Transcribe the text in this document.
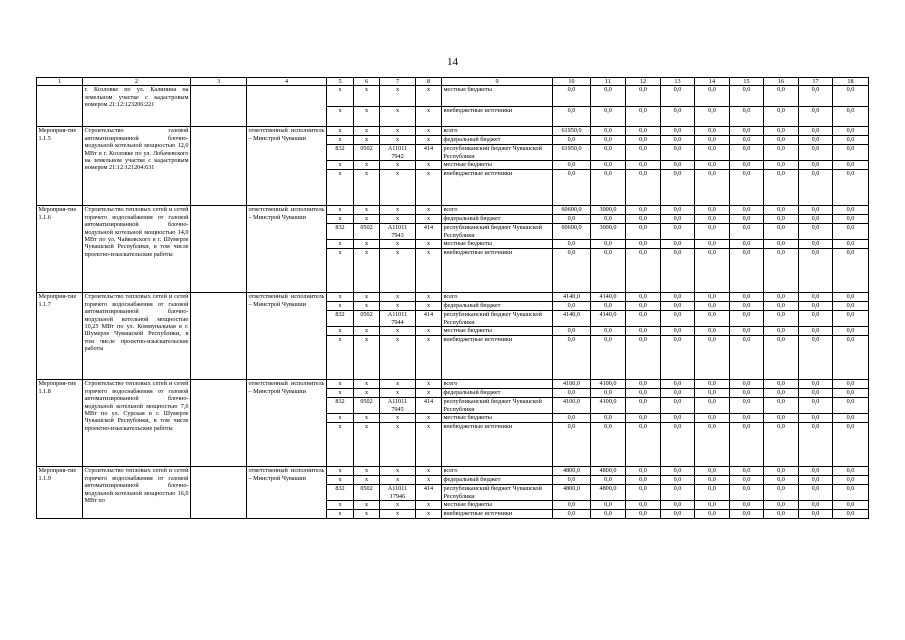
14
1	2	3	4	5	6	7	8	9	10	11	12	13	14	15	16	17	18
	г. Козловке по ул. Калинина на земельном участке с кадастровым номером 21:12:123206:221			x	x	x	x	местные бюджеты	0,0	0,0	0,0	0,0	0,0	0,0	0,0	0,0	0,0
				x	x	x	x	внебюджетные источники	0,0	0,0	0,0	0,0	0,0	0,0	0,0	0,0	0,0
Мероприя-тие 1.1.5	Строительство газовой автоматизированной блочно-модульной котельной мощностью 12,0 МВт в г. Козловке по ул. Лобачевского на земельном участке с кадастровым номером 21:12:121204:631		ответственный исполнитель – Минстрой Чувашии	x	x	x	x	всего	61950,0	0,0	0,0	0,0	0,0	0,0	0,0	0,0	0,0
				x	x	x	x	федеральный бюджет	0,0	0,0	0,0	0,0	0,0	0,0	0,0	0,0	0,0
				832	0502	А11011 7942	414	республиканский бюджет Чувашской Республики	61950,0	0,0	0,0	0,0	0,0	0,0	0,0	0,0	0,0
				x	x	x	x	местные бюджеты	0,0	0,0	0,0	0,0	0,0	0,0	0,0	0,0	0,0
				x	x	x	x	внебюджетные источники	0,0	0,0	0,0	0,0	0,0	0,0	0,0	0,0	0,0
Мероприя-тие 1.1.6	Строительство тепловых сетей и сетей горячего водоснабжения от газовой автоматизированной блочно-модульной котельной мощностью 14,0 МВт по ул. Чайковского в г. Шумерле Чувашской Республики, в том числе проектно-изыскательские работы		ответственный исполнитель – Минстрой Чувашии	x	x	x	x	всего	60600,0	3000,0	0,0	0,0	0,0	0,0	0,0	0,0	0,0
				x	x	x	x	федеральный бюджет	0,0	0,0	0,0	0,0	0,0	0,0	0,0	0,0	0,0
				832	0502	А11011 7943	414	республиканский бюджет Чувашской Республики	60600,0	3000,0	0,0	0,0	0,0	0,0	0,0	0,0	0,0
				x	x	x	x	местные бюджеты	0,0	0,0	0,0	0,0	0,0	0,0	0,0	0,0	0,0
				x	x	x	x	внебюджетные источники	0,0	0,0	0,0	0,0	0,0	0,0	0,0	0,0	0,0
Мероприя-тие 1.1.7	Строительство тепловых сетей и сетей горячего водоснабжения от газовой автоматизированной блочно-модульной котельной мощностью 10,25 МВт по ул. Коммунальная в г. Шумерле Чувашской Республики, в том числе проектно-изыскательские работы		ответственный исполнитель – Минстрой Чувашии	x	x	x	x	всего	4140,0	4140,0	0,0	0,0	0,0	0,0	0,0	0,0	0,0
				x	x	x	x	федеральный бюджет	0,0	0,0	0,0	0,0	0,0	0,0	0,0	0,0	0,0
				832	0502	А11011 7944	414	республиканский бюджет Чувашской Республики	4140,0	4140,0	0,0	0,0	0,0	0,0	0,0	0,0	0,0
				x	x	x	x	местные бюджеты	0,0	0,0	0,0	0,0	0,0	0,0	0,0	0,0	0,0
				x	x	x	x	внебюджетные источники	0,0	0,0	0,0	0,0	0,0	0,0	0,0	0,0	0,0
Мероприя-тие 1.1.8	Строительство тепловых сетей и сетей горячего водоснабжения от газовой автоматизированной блочно-модульной котельной мощностью 7,0 МВт по ул. Сурская в г. Шумерле Чувашской Республики, в том числе проектно-изыскательские работы		ответственный исполнитель – Минстрой Чувашии	x	x	x	x	всего	4100,0	4100,0	0,0	0,0	0,0	0,0	0,0	0,0	0,0
				x	x	x	x	федеральный бюджет	0,0	0,0	0,0	0,0	0,0	0,0	0,0	0,0	0,0
				832	0502	А11011 7945	414	республиканский бюджет Чувашской Республики	4100,0	4100,0	0,0	0,0	0,0	0,0	0,0	0,0	0,0
				x	x	x	x	местные бюджеты	0,0	0,0	0,0	0,0	0,0	0,0	0,0	0,0	0,0
				x	x	x	x	внебюджетные источники	0,0	0,0	0,0	0,0	0,0	0,0	0,0	0,0	0,0
Мероприя-тие 1.1.9	Строительство тепловых сетей и сетей горячего водоснабжения от газовой автоматизированной блочно-модульной котельной мощностью 16,0 МВт по		ответственный исполнитель – Минстрой Чувашии	x	x	x	x	всего	4800,0	4800,0	0,0	0,0	0,0	0,0	0,0	0,0	0,0
				x	x	x	x	федеральный бюджет	0,0	0,0	0,0	0,0	0,0	0,0	0,0	0,0	0,0
				832	0502	А11011 17946	414	республиканский бюджет Чувашской Республики	4800,0	4800,0	0,0	0,0	0,0	0,0	0,0	0,0	0,0
				x	x	x	x	местные бюджеты	0,0	0,0	0,0	0,0	0,0	0,0	0,0	0,0	0,0
				x	x	x	x	внебюджетные источники	0,0	0,0	0,0	0,0	0,0	0,0	0,0	0,0	0,0
